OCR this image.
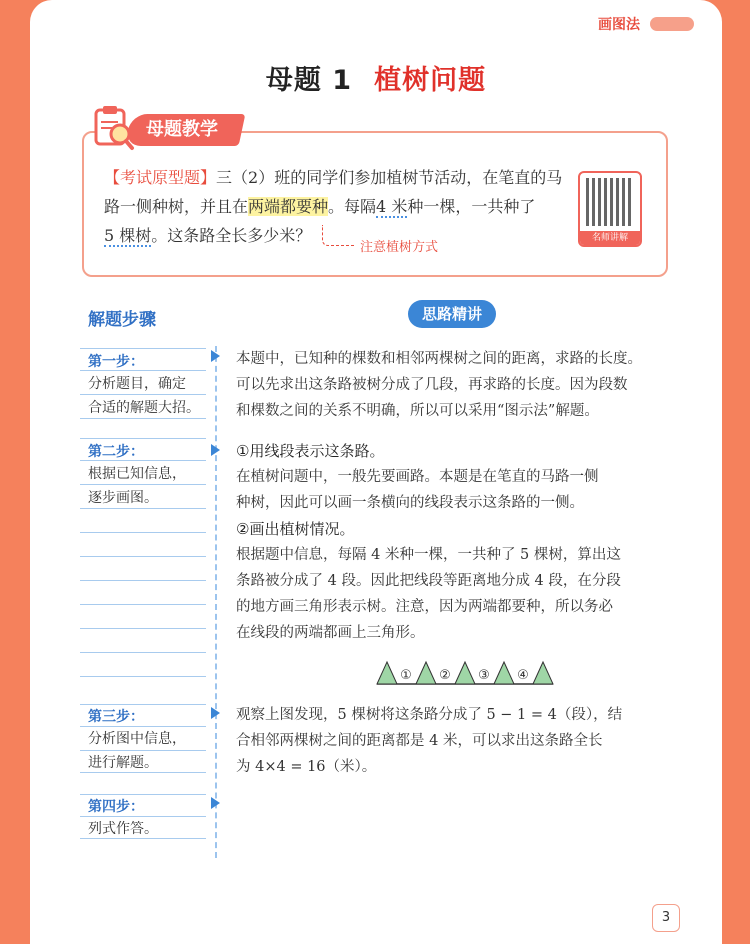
画图法
母题 1 植树问题
【考试原型题】三（2）班的同学们参加植树节活动，在笔直的马
路一侧种树，并且在两端都要种。每隔4 米种一棵，一共种了
5 棵树。这条路全长多少米？
注意植树方式
名师讲解
母题教学
解题步骤	思路精讲
第一步：
分析题目，确定
合适的解题大招。
第二步：
根据已知信息，
逐步画图。
第三步：
分析图中信息，
进行解题。
第四步：
列式作答。
本题中，已知种的棵数和相邻两棵树之间的距离，求路的长度。
可以先求出这条路被树分成了几段，再求路的长度。因为段数
和棵数之间的关系不明确，所以可以采用“图示法”解题。
①用线段表示这条路。
在植树问题中，一般先要画路。本题是在笔直的马路一侧
种树，因此可以画一条横向的线段表示这条路的一侧。
②画出植树情况。
根据题中信息，每隔 4 米种一棵，一共种了 5 棵树，算出这
条路被分成了 4 段。因此把线段等距离地分成 4 段，在分段
的地方画三角形表示树。注意，因为两端都要种，所以务必
在线段的两端都画上三角形。
① ② ③ ④
观察上图发现，5 棵树将这条路分成了 5 − 1 = 4（段），结
合相邻两棵树之间的距离都是 4 米，可以求出这条路全长
为 4×4 = 16（米）。
3
